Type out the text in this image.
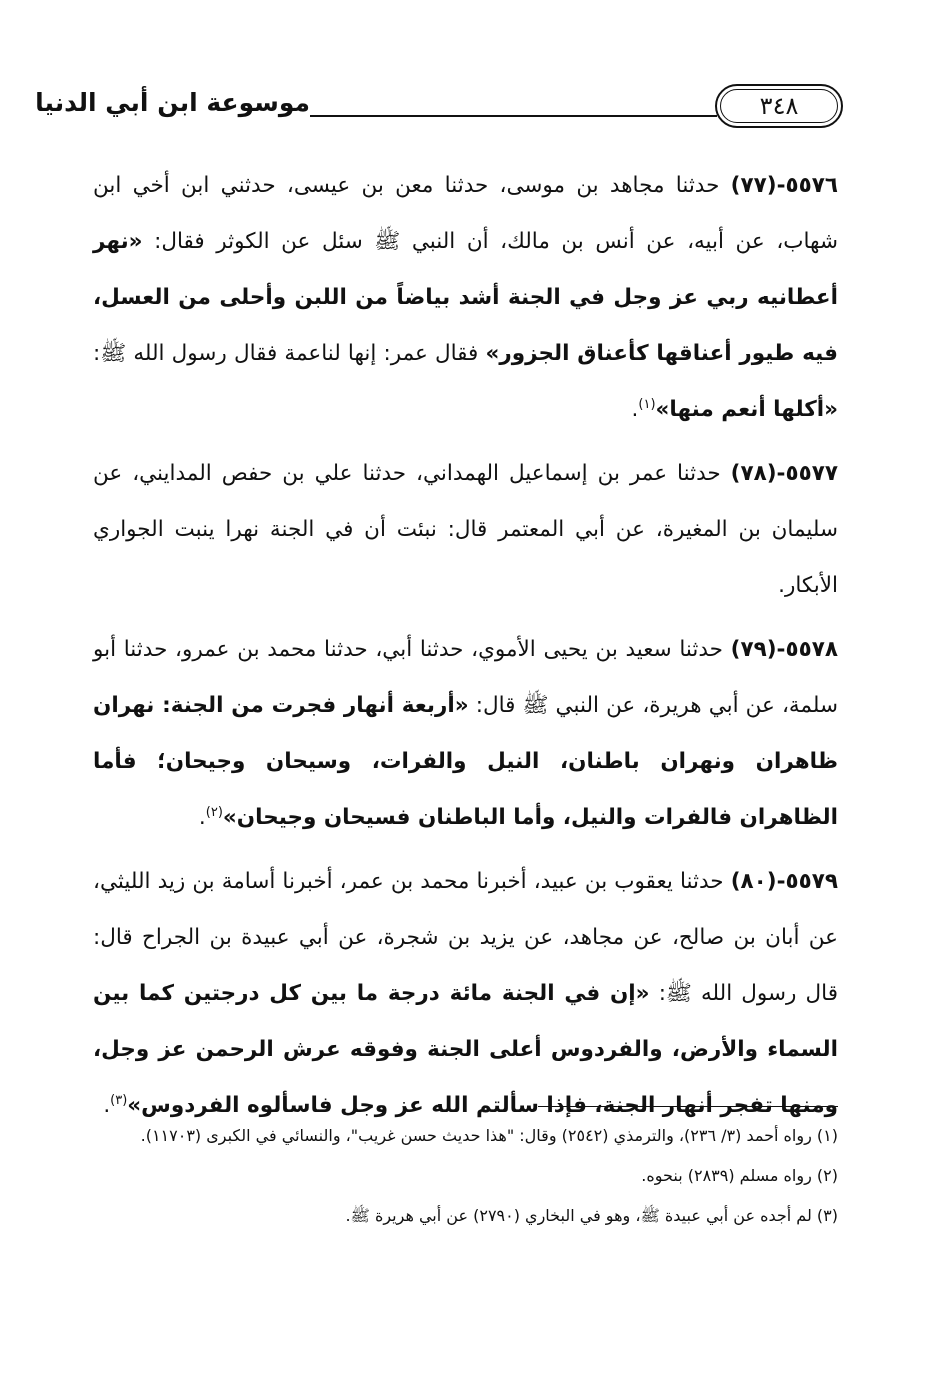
٣٤٨
موسوعة ابن أبي الدنيا

٥٥٧٦-(٧٧) حدثنا مجاهد بن موسى، حدثنا معن بن عيسى، حدثني ابن أخي ابن شهاب، عن أبيه، عن أنس بن مالك، أن النبي ﷺ سئل عن الكوثر فقال: «نهر أعطانيه ربي عز وجل في الجنة أشد بياضاً من اللبن وأحلى من العسل، فيه طيور أعناقها كأعناق الجزور» فقال عمر: إنها لناعمة فقال رسول الله ﷺ: «أكلها أنعم منها»$^{(١)}$.

٥٥٧٧-(٧٨) حدثنا عمر بن إسماعيل الهمداني، حدثنا علي بن حفص المدايني، عن سليمان بن المغيرة، عن أبي المعتمر قال: نبئت أن في الجنة نهرا ينبت الجواري الأبكار.

٥٥٧٨-(٧٩) حدثنا سعيد بن يحيى الأموي، حدثنا أبي، حدثنا محمد بن عمرو، حدثنا أبو سلمة، عن أبي هريرة، عن النبي ﷺ قال: «أربعة أنهار فجرت من الجنة: نهران ظاهران ونهران باطنان، النيل والفرات، وسيحان وجيحان؛ فأما الظاهران فالفرات والنيل، وأما الباطنان فسيحان وجيحان»$^{(٢)}$.

٥٥٧٩-(٨٠) حدثنا يعقوب بن عبيد، أخبرنا محمد بن عمر، أخبرنا أسامة بن زيد الليثي، عن أبان بن صالح، عن مجاهد، عن يزيد بن شجرة، عن أبي عبيدة بن الجراح قال: قال رسول الله ﷺ: «إن في الجنة مائة درجة ما بين كل درجتين كما بين السماء والأرض، والفردوس أعلى الجنة وفوقه عرش الرحمن عز وجل، ومنها تفجر أنهار الجنة، فإذا سألتم الله عز وجل فاسألوه الفردوس»$^{(٣)}$.

(١) رواه أحمد (٣/ ٢٣٦)، والترمذي (٢٥٤٢) وقال: "هذا حديث حسن غريب"، والنسائي في الكبرى (١١٧٠٣).

(٢) رواه مسلم (٢٨٣٩) بنحوه.

(٣) لم أجده عن أبي عبيدة ﷺ، وهو في البخاري (٢٧٩٠) عن أبي هريرة ﷺ.
